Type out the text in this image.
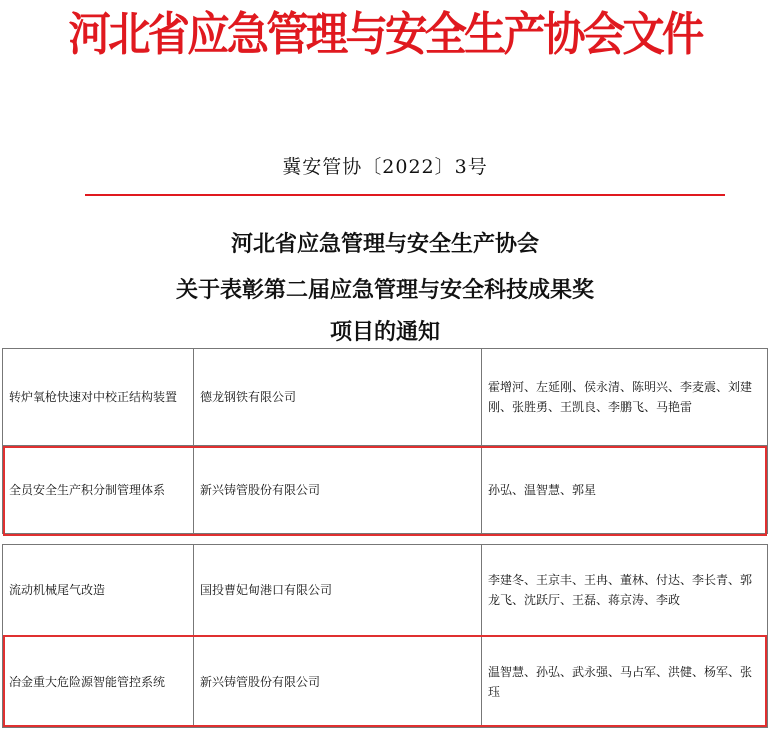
河北省应急管理与安全生产协会文件
冀安管协〔2022〕3号
河北省应急管理与安全生产协会
关于表彰第二届应急管理与安全科技成果奖
项目的通知
转炉氧枪快速对中校正结构装置	德龙钢铁有限公司	霍增河、左延刚、侯永清、陈明兴、李麦震、刘建刚、张胜勇、王凯良、李鹏飞、马艳雷
全员安全生产积分制管理体系	新兴铸管股份有限公司	孙弘、温智慧、郭星
流动机械尾气改造	国投曹妃甸港口有限公司	李建冬、王京丰、王冉、董林、付达、李长青、郭龙飞、沈跃厅、王磊、蒋京涛、李政
冶金重大危险源智能管控系统	新兴铸管股份有限公司	温智慧、孙弘、武永强、马占军、洪健、杨军、张珏
